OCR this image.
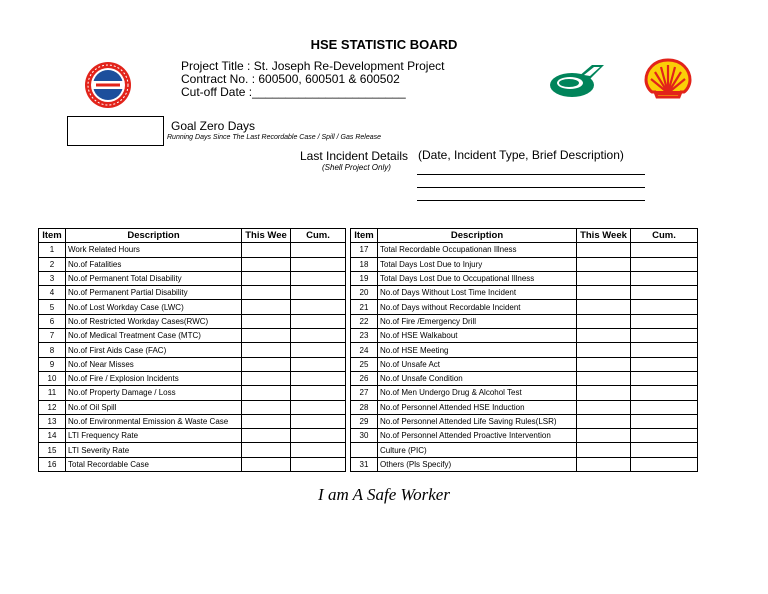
HSE STATISTIC BOARD
Project Title : St. Joseph Re-Development Project
Contract No. : 600500, 600501 & 600502
Cut-off Date :_______________________
Goal Zero Days
Running Days Since The Last Recordable Case / Spill / Gas Release
Last Incident Details
(Shell Project Only)
(Date, Incident Type, Brief Description)
Item	Description	This Wee	Cum.
1	Work Related Hours		
2	No.of Fatalities		
3	No.of Permanent Total Disability		
4	No.of Permanent Partial Disability		
5	No.of Lost Workday Case (LWC)		
6	No.of Restricted Workday Cases(RWC)		
7	No.of Medical Treatment Case (MTC)		
8	No.of First Aids Case (FAC)		
9	No.of Near Misses		
10	No.of Fire / Explosion Incidents		
11	No.of Property Damage / Loss		
12	No.of Oil Spill		
13	No.of Environmental Emission & Waste Case		
14	LTI Frequency Rate		
15	LTI Severity Rate		
16	Total Recordable Case		
Item	Description	This Week	Cum.
17	Total Recordable Occupationan Illness		
18	Total Days Lost Due to Injury		
19	Total Days Lost Due to Occupational Illness		
20	No.of Days Without Lost Time Incident		
21	No.of Days without Recordable Incident		
22	No.of Fire /Emergency Drill		
23	No.of HSE Walkabout		
24	No.of HSE Meeting		
25	No.of Unsafe Act		
26	No.of Unsafe Condition		
27	No.of Men Undergo Drug & Alcohol Test		
28	No.of Personnel Attended HSE Induction		
29	No.of Personnel Attended Life Saving Rules(LSR)		
30	No.of Personnel Attended Proactive Intervention		
	Culture (PIC)		
31	Others (Pls Specify)		
I am A Safe Worker
